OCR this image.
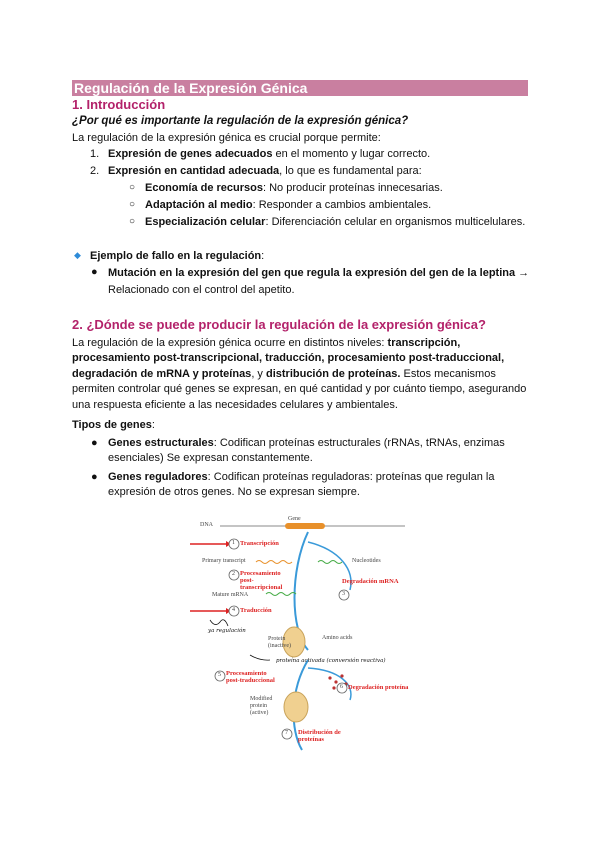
Regulación de la Expresión Génica
1. Introducción
¿Por qué es importante la regulación de la expresión génica?
La regulación de la expresión génica es crucial porque permite:
1. Expresión de genes adecuados en el momento y lugar correcto.
2. Expresión en cantidad adecuada, lo que es fundamental para:
○ Economía de recursos: No producir proteínas innecesarias.
○ Adaptación al medio: Responder a cambios ambientales.
○ Especialización celular: Diferenciación celular en organismos multicelulares.
◆ Ejemplo de fallo en la regulación:
● Mutación en la expresión del gen que regula la expresión del gen de la leptina →
Relacionado con el control del apetito.
2. ¿Dónde se puede producir la regulación de la expresión génica?
La regulación de la expresión génica ocurre en distintos niveles: transcripción, procesamiento post-transcripcional, traducción, procesamiento post-traduccional, degradación de mRNA y proteínas, y distribución de proteínas. Estos mecanismos permiten controlar qué genes se expresan, en qué cantidad y por cuánto tiempo, asegurando una respuesta eficiente a las necesidades celulares y ambientales.
Tipos de genes:
● Genes estructurales: Codifican proteínas estructurales (rRNAs, tRNAs, enzimas esenciales) Se expresan constantemente.
● Genes reguladores: Codifican proteínas reguladoras: proteínas que regulan la expresión de otros genes. No se expresan siempre.
DNA
Gene
Transcripción
Primary transcript	Nucleotides
Procesamiento post-transcripcional
Degradación mRNA
Mature mRNA
Traducción
ya regulación
Protein (inactive)
Amino acids
proteína activada (conversión reactiva)
Procesamiento post-traduccional
Degradación proteína
Modified protein (active)
Distribución de proteínas
1
2
3
4
5
6
7
